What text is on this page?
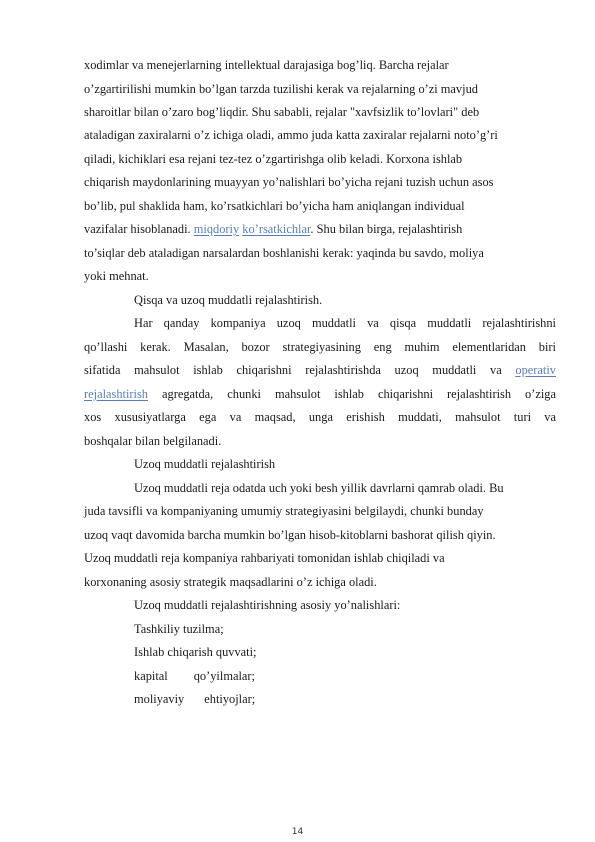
xodimlar va menejerlarning intellektual darajasiga bog’liq. Barcha rejalar
o’zgartirilishi mumkin bo’lgan tarzda tuzilishi kerak va rejalarning o’zi mavjud
sharoitlar bilan o’zaro bog’liqdir. Shu sababli, rejalar "xavfsizlik to’lovlari" deb
ataladigan zaxiralarni o’z ichiga oladi, ammo juda katta zaxiralar rejalarni noto’g’ri
qiladi, kichiklari esa rejani tez-tez o’zgartirishga olib keladi. Korxona ishlab
chiqarish maydonlarining muayyan yo’nalishlari bo’yicha rejani tuzish uchun asos
bo’lib, pul shaklida ham, ko’rsatkichlari bo’yicha ham aniqlangan individual
vazifalar hisoblanadi. miqdoriy ko’rsatkichlar. Shu bilan birga, rejalashtirish
to’siqlar deb ataladigan narsalardan boshlanishi kerak: yaqinda bu savdo, moliya
yoki mehnat.
Qisqa va uzoq muddatli rejalashtirish.
Har qanday kompaniya uzoq muddatli va qisqa muddatli rejalashtirishni
qo’llashi kerak. Masalan, bozor strategiyasining eng muhim elementlaridan biri
sifatida mahsulot ishlab chiqarishni rejalashtirishda uzoq muddatli va operativ
rejalashtirish agregatda, chunki mahsulot ishlab chiqarishni rejalashtirish o’ziga
xos xususiyatlarga ega va maqsad, unga erishish muddati, mahsulot turi va
boshqalar bilan belgilanadi.
Uzoq muddatli rejalashtirish
Uzoq muddatli reja odatda uch yoki besh yillik davrlarni qamrab oladi. Bu
juda tavsifli va kompaniyaning umumiy strategiyasini belgilaydi, chunki bunday
uzoq vaqt davomida barcha mumkin bo’lgan hisob-kitoblarni bashorat qilish qiyin.
Uzoq muddatli reja kompaniya rahbariyati tomonidan ishlab chiqiladi va
korxonaning asosiy strategik maqsadlarini o’z ichiga oladi.
Uzoq muddatli rejalashtirishning asosiy yo’nalishlari:
Tashkiliy tuzilma;
Ishlab chiqarish quvvati;
kapital qo’yilmalar;
moliyaviy ehtiyojlar;
14
